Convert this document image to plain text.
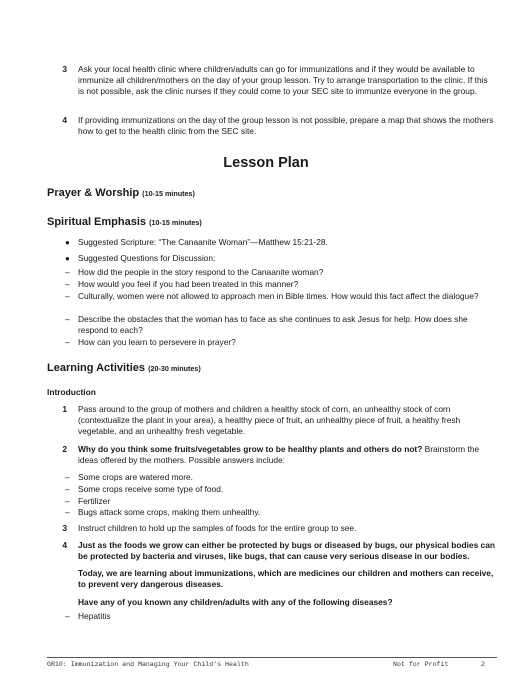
3 Ask your local health clinic where children/adults can go for immunizations and if they would be available to immunize all children/mothers on the day of your group lesson. Try to arrange transportation to the clinic. If this is not possible, ask the clinic nurses if they could come to your SEC site to immunize everyone in the group.
4 If providing immunizations on the day of the group lesson is not possible, prepare a map that shows the mothers how to get to the health clinic from the SEC site.
Lesson Plan
Prayer & Worship (10-15 minutes)
Spiritual Emphasis (10-15 minutes)
● Suggested Scripture: “The Canaanite Woman”—Matthew 15:21-28.
● Suggested Questions for Discussion:
– How did the people in the story respond to the Canaanite woman?
– How would you feel if you had been treated in this manner?
– Culturally, women were not allowed to approach men in Bible times. How would this fact affect the dialogue?
– Describe the obstacles that the woman has to face as she continues to ask Jesus for help. How does she respond to each?
– How can you learn to persevere in prayer?
Learning Activities (20-30 minutes)
Introduction
1 Pass around to the group of mothers and children a healthy stock of corn, an unhealthy stock of corn (contextualize the plant in your area), a healthy piece of fruit, an unhealthy piece of fruit, a healthy fresh vegetable, and an unhealthy fresh vegetable.
2 Why do you think some fruits/vegetables grow to be healthy plants and others do not? Brainstorm the ideas offered by the mothers. Possible answers include:
– Some crops are watered more.
– Some crops receive some type of food.
– Fertilizer
– Bugs attack some crops, making them unhealthy.
3 Instruct children to hold up the samples of foods for the entire group to see.
4 Just as the foods we grow can either be protected by bugs or diseased by bugs, our physical bodies can be protected by bacteria and viruses, like bugs, that can cause very serious disease in our bodies.
Today, we are learning about immunizations, which are medicines our children and mothers can receive, to prevent very dangerous diseases.
Have any of you known any children/adults with any of the following diseases?
– Hepatitis
GR10: Immunization and Managing Your Child’s Health	Not for Profit	2
